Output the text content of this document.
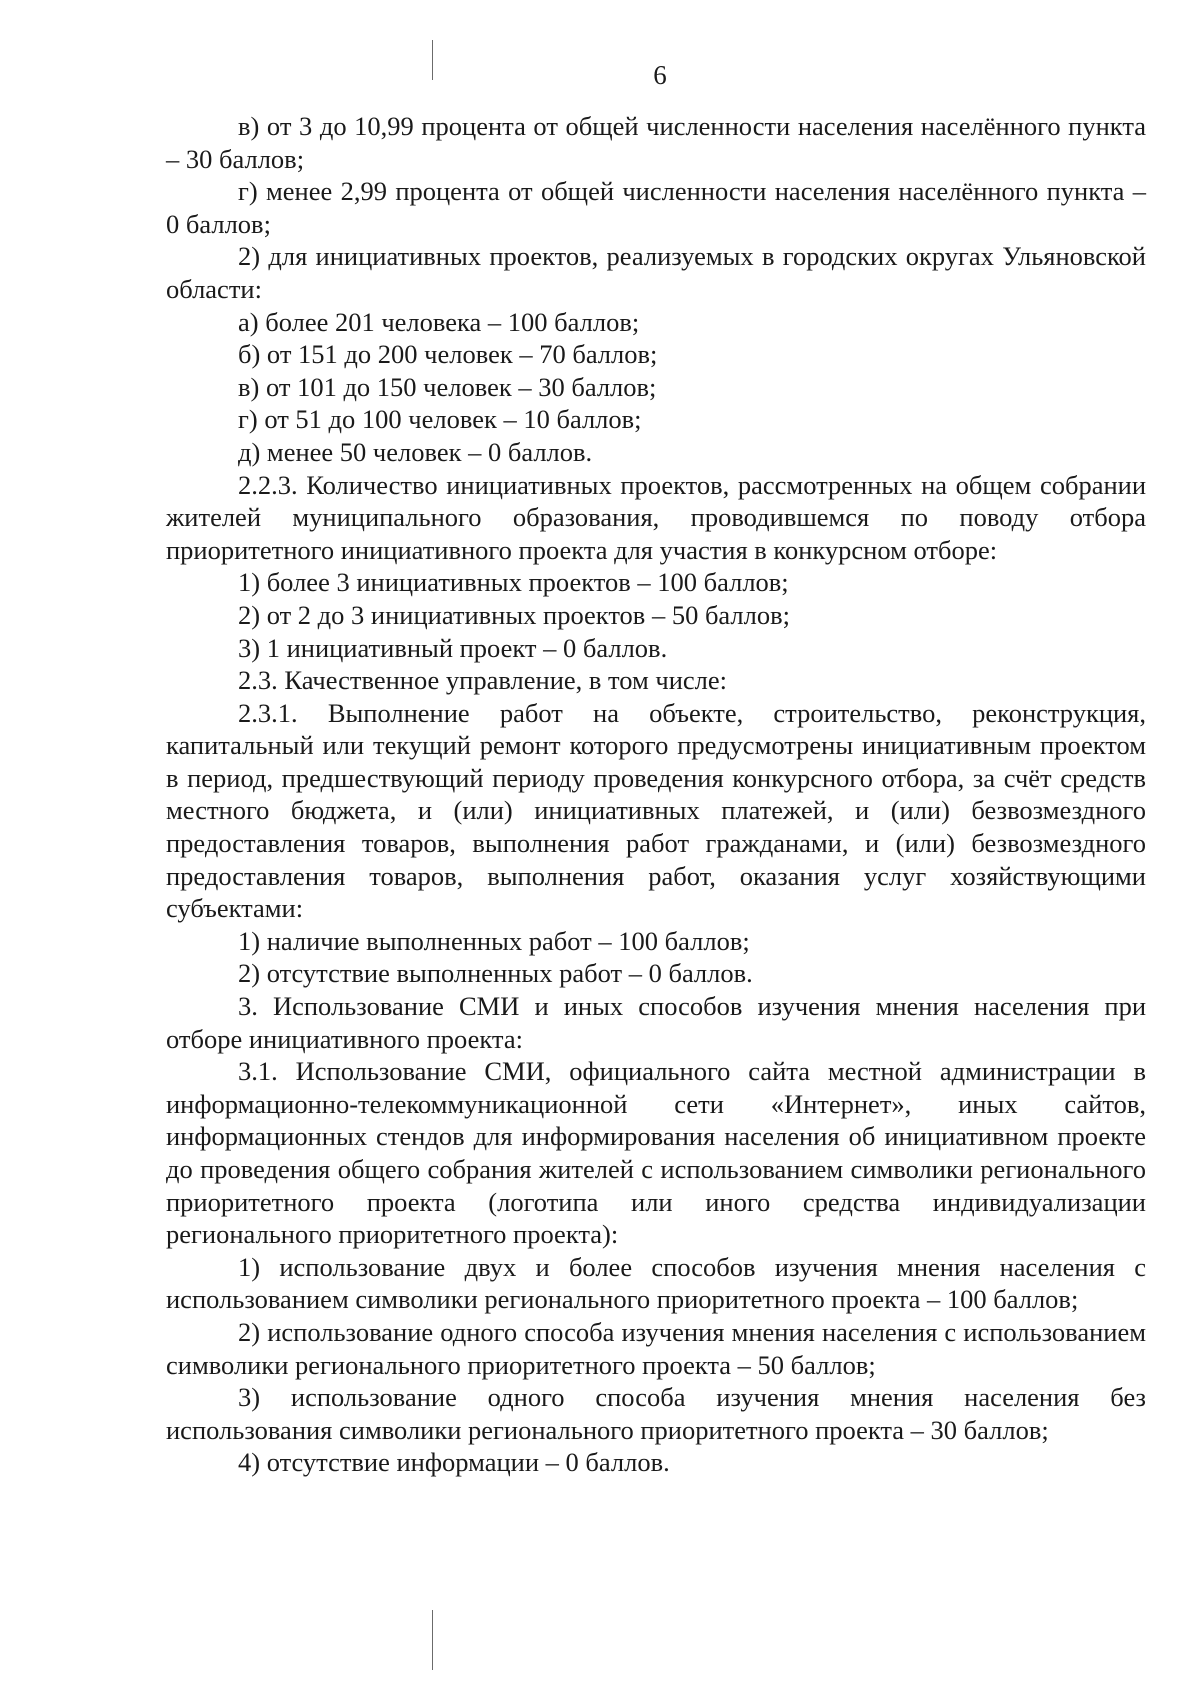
6

в) от 3 до 10,99 процента от общей численности населения населённого пункта – 30 баллов;

г) менее 2,99 процента от общей численности населения населённого пункта – 0 баллов;

2) для инициативных проектов, реализуемых в городских округах Ульяновской области:

а) более 201 человека – 100 баллов;

б) от 151 до 200 человек – 70 баллов;

в) от 101 до 150 человек – 30 баллов;

г) от 51 до 100 человек – 10 баллов;

д) менее 50 человек – 0 баллов.

2.2.3. Количество инициативных проектов, рассмотренных на общем собрании жителей муниципального образования, проводившемся по поводу отбора приоритетного инициативного проекта для участия в конкурсном отборе:

1) более 3 инициативных проектов – 100 баллов;

2) от 2 до 3 инициативных проектов – 50 баллов;

3) 1 инициативный проект – 0 баллов.

2.3. Качественное управление, в том числе:

2.3.1. Выполнение работ на объекте, строительство, реконструкция, капитальный или текущий ремонт которого предусмотрены инициативным проектом в период, предшествующий периоду проведения конкурсного отбора, за счёт средств местного бюджета, и (или) инициативных платежей, и (или) безвозмездного предоставления товаров, выполнения работ гражданами, и (или) безвозмездного предоставления товаров, выполнения работ, оказания услуг хозяйствующими субъектами:

1) наличие выполненных работ – 100 баллов;

2) отсутствие выполненных работ – 0 баллов.

3. Использование СМИ и иных способов изучения мнения населения при отборе инициативного проекта:

3.1. Использование СМИ, официального сайта местной администрации в информационно-телекоммуникационной сети «Интернет», иных сайтов, информационных стендов для информирования населения об инициативном проекте до проведения общего собрания жителей с использованием символики регионального приоритетного проекта (логотипа или иного средства индивидуализации регионального приоритетного проекта):

1) использование двух и более способов изучения мнения населения с использованием символики регионального приоритетного проекта – 100 баллов;

2) использование одного способа изучения мнения населения с использованием символики регионального приоритетного проекта – 50 баллов;

3) использование одного способа изучения мнения населения без использования символики регионального приоритетного проекта – 30 баллов;

4) отсутствие информации – 0 баллов.
